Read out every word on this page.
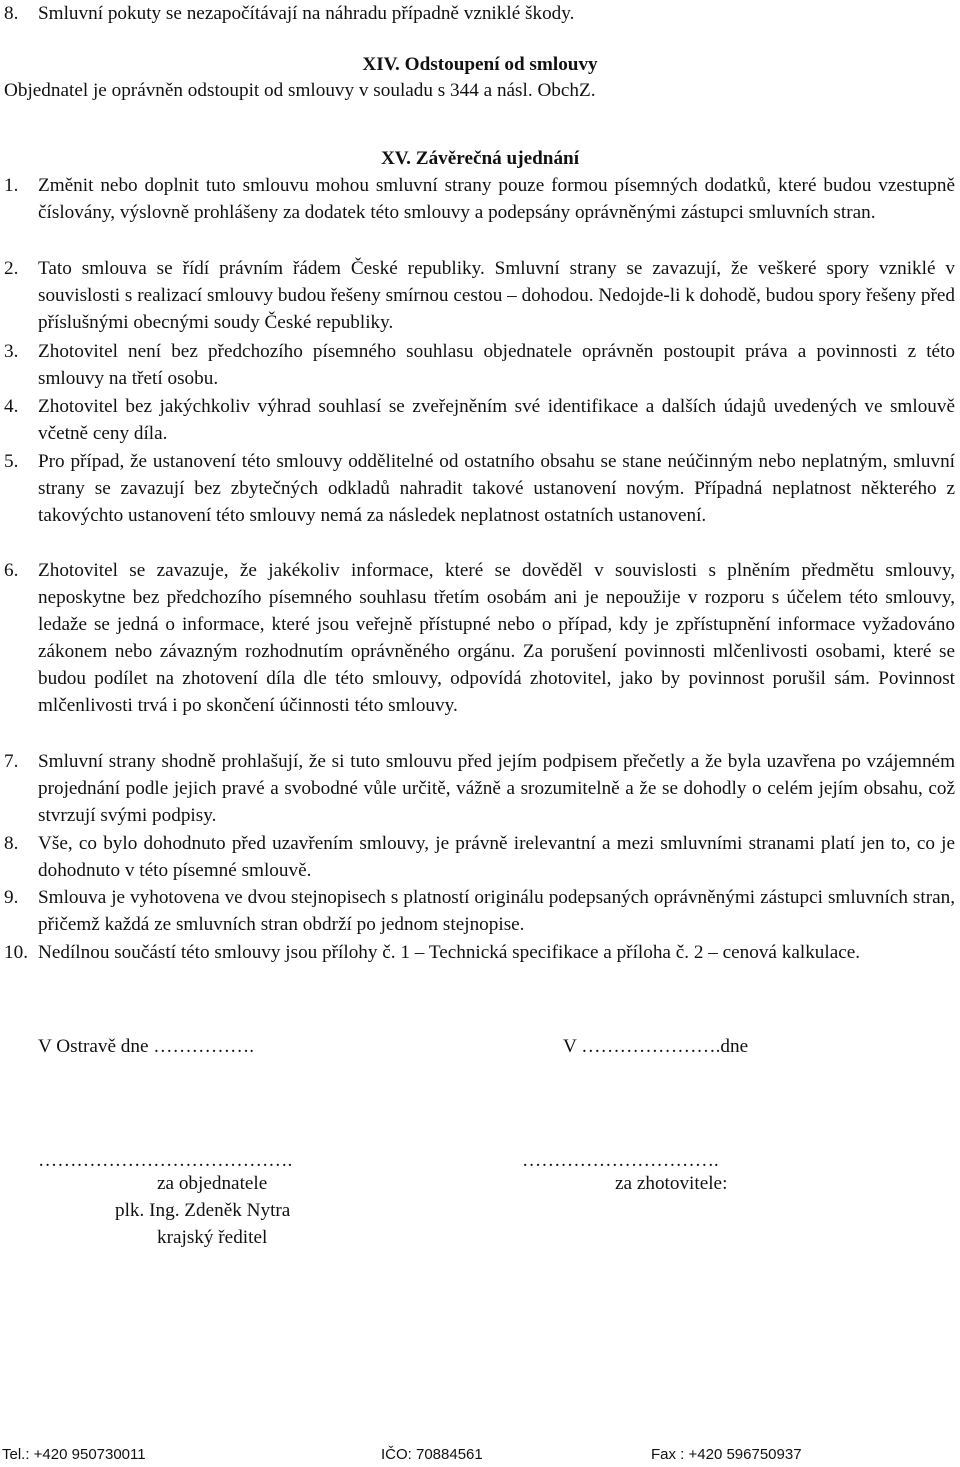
8. Smluvní pokuty se nezapočítávají na náhradu případně vzniklé škody.
XIV. Odstoupení od smlouvy
Objednatel je oprávněn odstoupit od smlouvy v souladu s 344 a násl. ObchZ.
XV. Závěrečná ujednání
1. Změnit nebo doplnit tuto smlouvu mohou smluvní strany pouze formou písemných dodatků, které budou vzestupně číslovány, výslovně prohlášeny za dodatek této smlouvy a podepsány oprávněnými zástupci smluvních stran.
2. Tato smlouva se řídí právním řádem České republiky. Smluvní strany se zavazují, že veškeré spory vzniklé v souvislosti s realizací smlouvy budou řešeny smírnou cestou – dohodou. Nedojde-li k dohodě, budou spory řešeny před příslušnými obecnými soudy České republiky.
3. Zhotovitel není bez předchozího písemného souhlasu objednatele oprávněn postoupit práva a povinnosti z této smlouvy na třetí osobu.
4. Zhotovitel bez jakýchkoliv výhrad souhlasí se zveřejněním své identifikace a dalších údajů uvedených ve smlouvě včetně ceny díla.
5. Pro případ, že ustanovení této smlouvy oddělitelné od ostatního obsahu se stane neúčinným nebo neplatným, smluvní strany se zavazují bez zbytečných odkladů nahradit takové ustanovení novým. Případná neplatnost některého z takovýchto ustanovení této smlouvy nemá za následek neplatnost ostatních ustanovení.
6. Zhotovitel se zavazuje, že jakékoliv informace, které se dověděl v souvislosti s plněním předmětu smlouvy, neposkytne bez předchozího písemného souhlasu třetím osobám ani je nepoužije v rozporu s účelem této smlouvy, ledaže se jedná o informace, které jsou veřejně přístupné nebo o případ, kdy je zpřístupnění informace vyžadováno zákonem nebo závazným rozhodnutím oprávněného orgánu. Za porušení povinnosti mlčenlivosti osobami, které se budou podílet na zhotovení díla dle této smlouvy, odpovídá zhotovitel, jako by povinnost porušil sám. Povinnost mlčenlivosti trvá i po skončení účinnosti této smlouvy.
7. Smluvní strany shodně prohlašují, že si tuto smlouvu před jejím podpisem přečetly a že byla uzavřena po vzájemném projednání podle jejich pravé a svobodné vůle určitě, vážně a srozumitelně a že se dohodly o celém jejím obsahu, což stvrzují svými podpisy.
8. Vše, co bylo dohodnuto před uzavřením smlouvy, je právně irelevantní a mezi smluvními stranami platí jen to, co je dohodnuto v této písemné smlouvě.
9. Smlouva je vyhotovena ve dvou stejnopisech s platností originálu podepsaných oprávněnými zástupci smluvních stran, přičemž každá ze smluvních stran obdrží po jednom stejnopise.
10. Nedílnou součástí této smlouvy jsou přílohy č. 1 – Technická specifikace a příloha č. 2 – cenová kalkulace.
V Ostravě dne …………….	V ………………….dne
………………………………….	………………………….
za objednatele	za zhotovitele:
plk. Ing. Zdeněk Nytra
krajský ředitel
Tel.: +420 950730011	IČO: 70884561	Fax : +420 596750937
